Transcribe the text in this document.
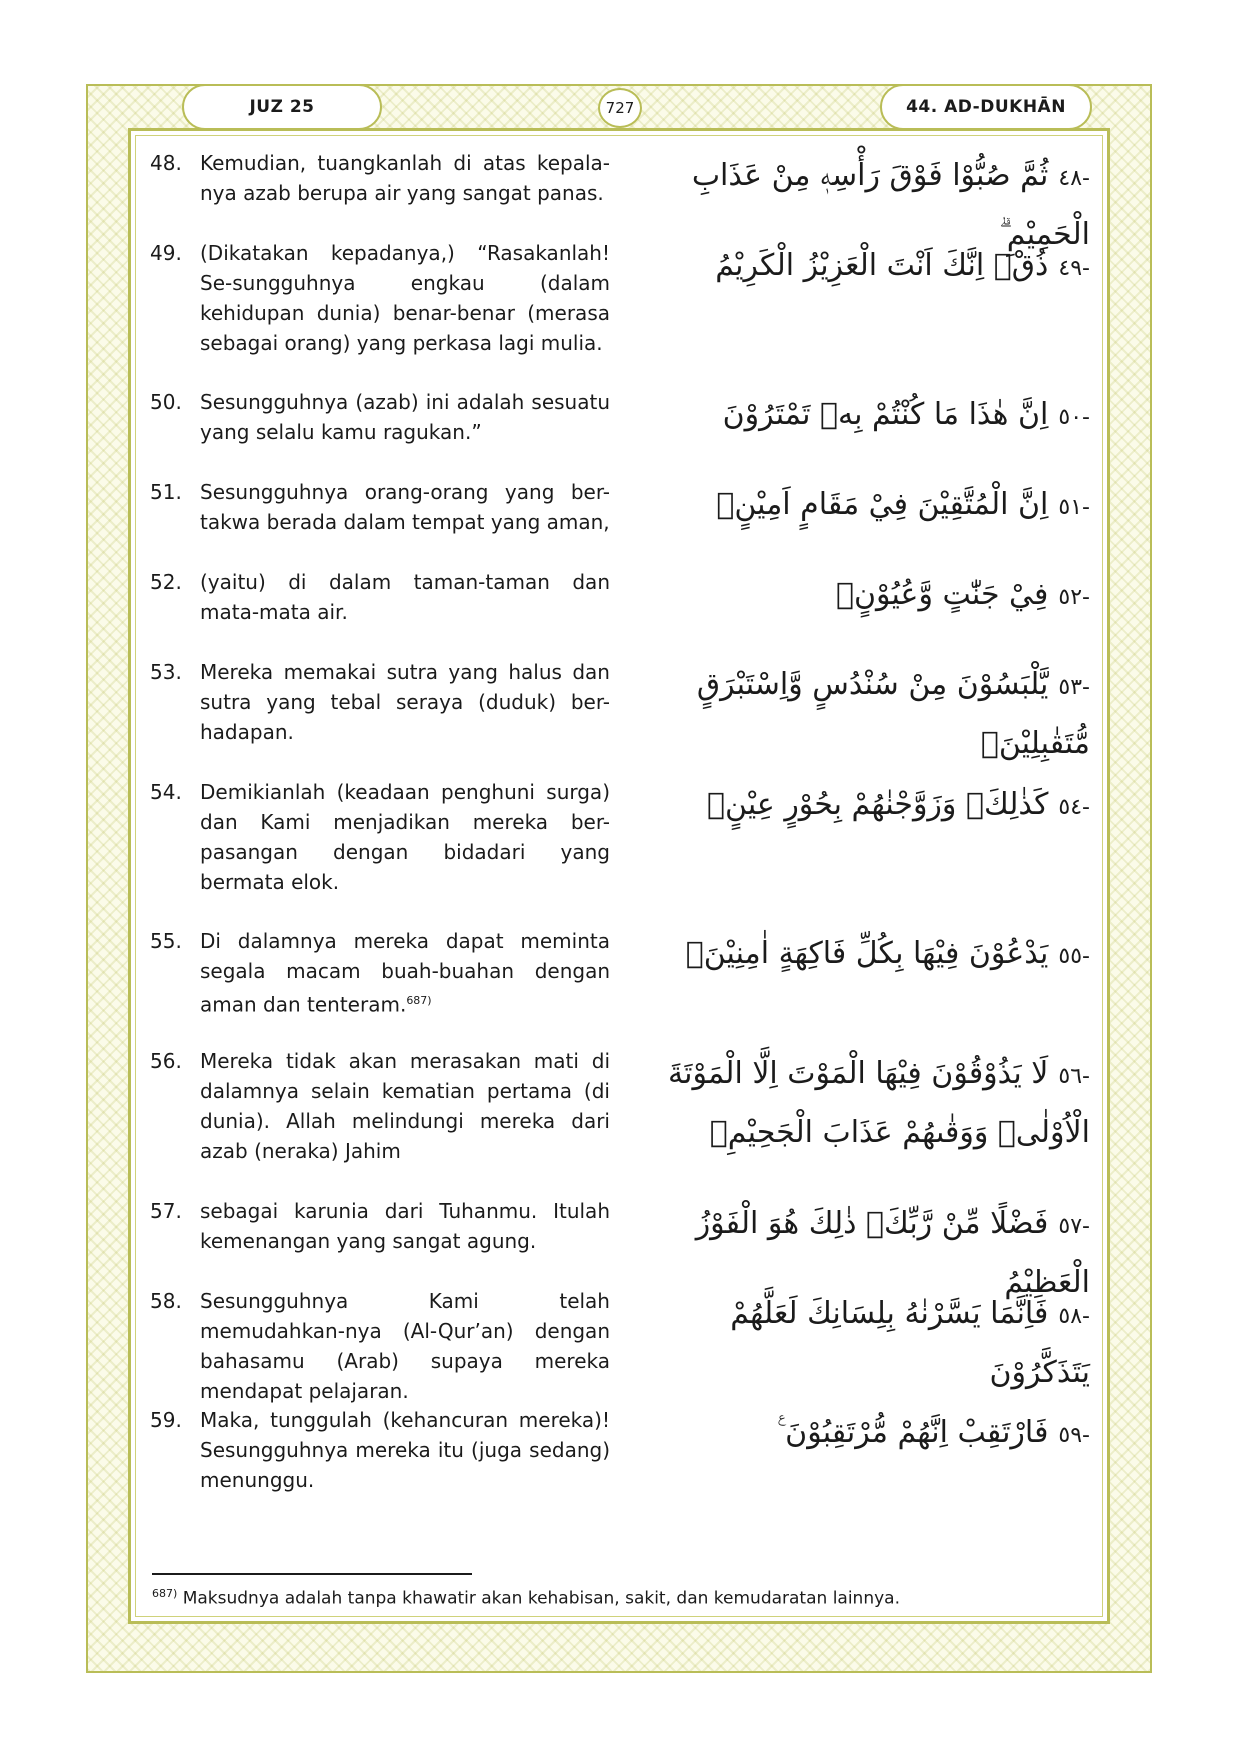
JUZ 25	727	44. AD-DUKHĀN
48. Kemudian, tuangkanlah di atas kepala-nya azab berupa air yang sangat panas.
-٤٨ثُمَّ صُبُّوْا فَوْقَ رَأْسِهٖ مِنْ عَذَابِ الْحَمِيْمِ ۗ
49. (Dikatakan kepadanya,) “Rasakanlah! Se-sungguhnya engkau (dalam kehidupan dunia) benar-benar (merasa sebagai orang) yang perkasa lagi mulia.
-٤٩ذُقْۚ اِنَّكَ اَنْتَ الْعَزِيْزُ الْكَرِيْمُ
50. Sesungguhnya (azab) ini adalah sesuatu yang selalu kamu ragukan.”
-٥٠اِنَّ هٰذَا مَا كُنْتُمْ بِهٖ تَمْتَرُوْنَ
51. Sesungguhnya orang-orang yang ber-takwa berada dalam tempat yang aman,
-٥١اِنَّ الْمُتَّقِيْنَ فِيْ مَقَامٍ اَمِيْنٍۙ
52. (yaitu) di dalam taman-taman dan mata-mata air.
-٥٢فِيْ جَنّٰتٍ وَّعُيُوْنٍۙ
53. Mereka memakai sutra yang halus dan sutra yang tebal seraya (duduk) ber-hadapan.
-٥٣يَّلْبَسُوْنَ مِنْ سُنْدُسٍ وَّاِسْتَبْرَقٍ مُّتَقٰبِلِيْنَۚ
54. Demikianlah (keadaan penghuni surga) dan Kami menjadikan mereka ber-pasangan dengan bidadari yang bermata elok.
-٥٤كَذٰلِكَۗ وَزَوَّجْنٰهُمْ بِحُوْرٍ عِيْنٍۗ
55. Di dalamnya mereka dapat meminta segala macam buah-buahan dengan aman dan tenteram.$^{687)}$
-٥٥يَدْعُوْنَ فِيْهَا بِكُلِّ فَاكِهَةٍ اٰمِنِيْنَۙ
56. Mereka tidak akan merasakan mati di dalamnya selain kematian pertama (di dunia). Allah melindungi mereka dari azab (neraka) Jahim
-٥٦لَا يَذُوْقُوْنَ فِيْهَا الْمَوْتَ اِلَّا الْمَوْتَةَ الْاُوْلٰىۚ وَوَقٰىهُمْ عَذَابَ الْجَحِيْمِۙ
57. sebagai karunia dari Tuhanmu. Itulah kemenangan yang sangat agung.
-٥٧فَضْلًا مِّنْ رَّبِّكَۗ ذٰلِكَ هُوَ الْفَوْزُ الْعَظِيْمُ
58. Sesungguhnya Kami telah memudahkan-nya (Al-Qur’an) dengan bahasamu (Arab) supaya mereka mendapat pelajaran.
-٥٨فَاِنَّمَا يَسَّرْنٰهُ بِلِسَانِكَ لَعَلَّهُمْ يَتَذَكَّرُوْنَ
59. Maka, tunggulah (kehancuran mereka)! Sesungguhnya mereka itu (juga sedang) menunggu.
-٥٩فَارْتَقِبْ اِنَّهُمْ مُّرْتَقِبُوْنَ ࣖ
$^{687)}$ Maksudnya adalah tanpa khawatir akan kehabisan, sakit, dan kemudaratan lainnya.
